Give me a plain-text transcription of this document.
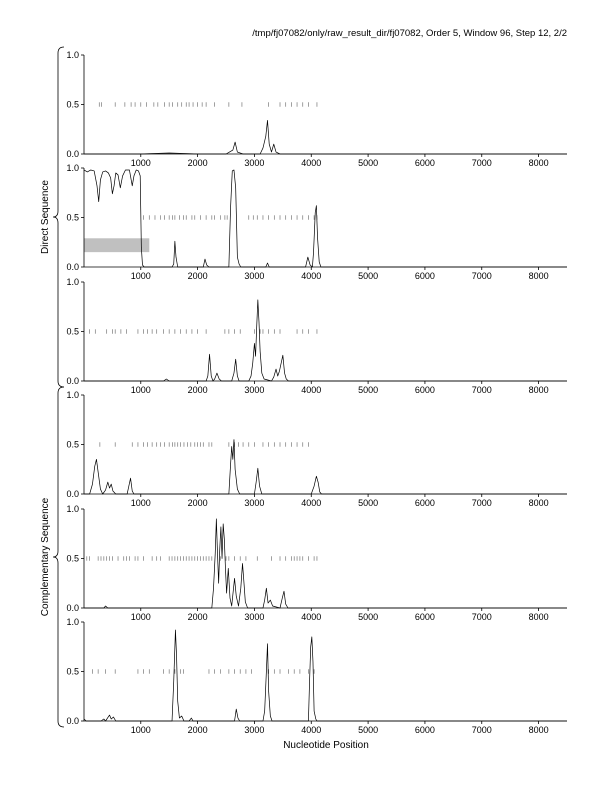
/tmp/fj07082/only/raw_result_dir/fj07082, Order 5, Window 96, Step 12, 2/2
0.0
0.5
1.0
1000	2000	3000	4000	5000	6000	7000	8000
0.0
0.5
1.0
1000	2000	3000	4000	5000	6000	7000	8000
0.0
0.5
1.0
1000	2000	3000	4000	5000	6000	7000	8000
0.0
0.5
1.0
1000	2000	3000	4000	5000	6000	7000	8000
0.0
0.5
1.0
1000	2000	3000	4000	5000	6000	7000	8000
0.0
0.5
1.0
1000	2000	3000	4000	5000	6000	7000	8000
Direct Sequence
Complementary Sequence
Nucleotide Position
